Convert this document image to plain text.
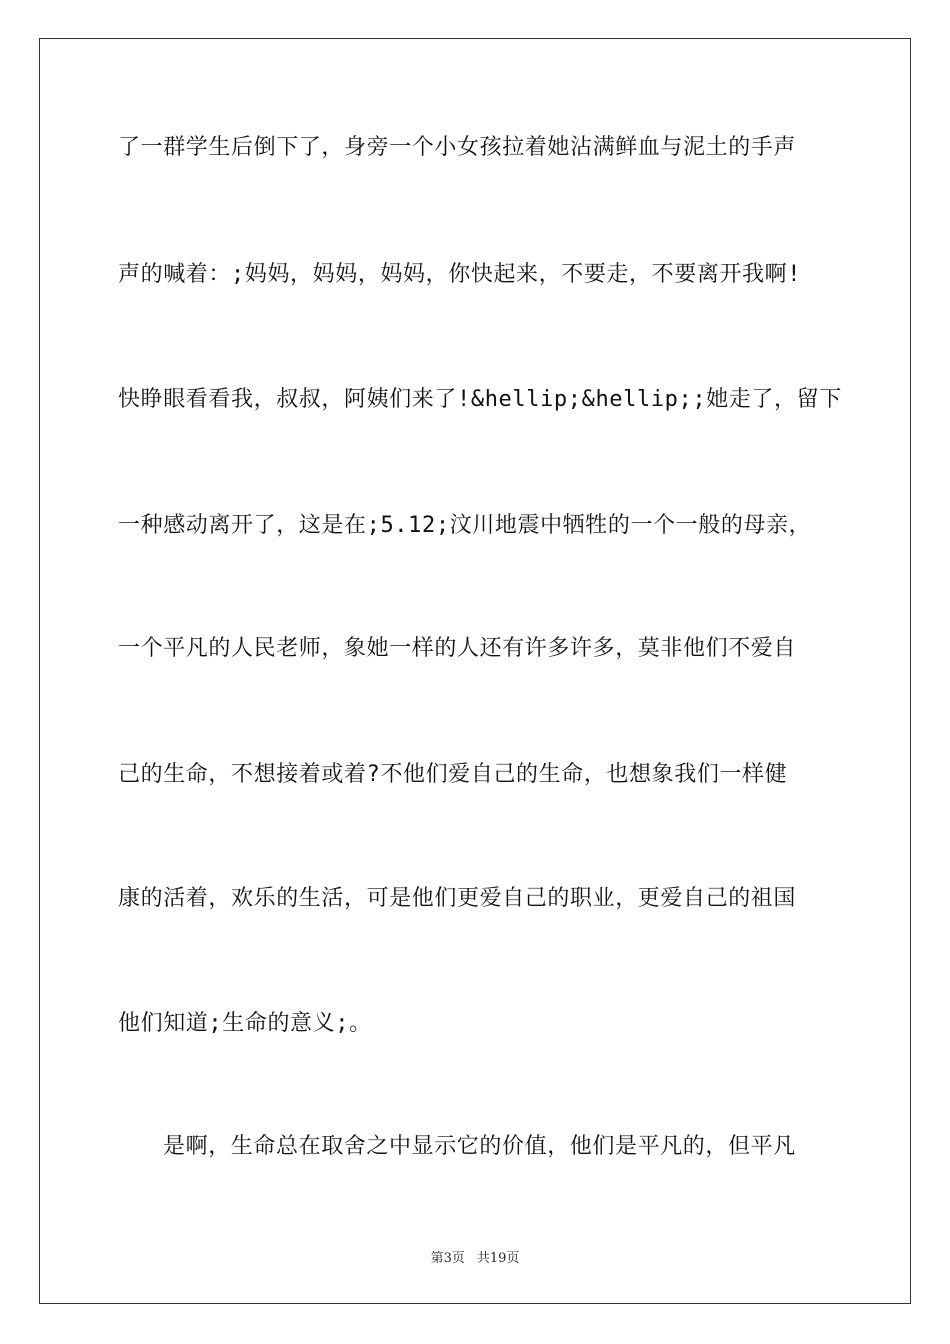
了一群学生后倒下了，身旁一个小女孩拉着她沾满鲜血与泥土的手声
声的喊着：;妈妈，妈妈，妈妈，你快起来，不要走，不要离开我啊!
快睁眼看看我，叔叔，阿姨们来了!&hellip;&hellip;;她走了，留下
一种感动离开了，这是在;5.12;汶川地震中牺牲的一个一般的母亲，
一个平凡的人民老师，象她一样的人还有许多许多，莫非他们不爱自
己的生命，不想接着或着?不他们爱自己的生命，也想象我们一样健
康的活着，欢乐的生活，可是他们更爱自己的职业，更爱自己的祖国
他们知道;生命的意义;。
是啊，生命总在取舍之中显示它的价值，他们是平凡的，但平凡
第3页 共19页
